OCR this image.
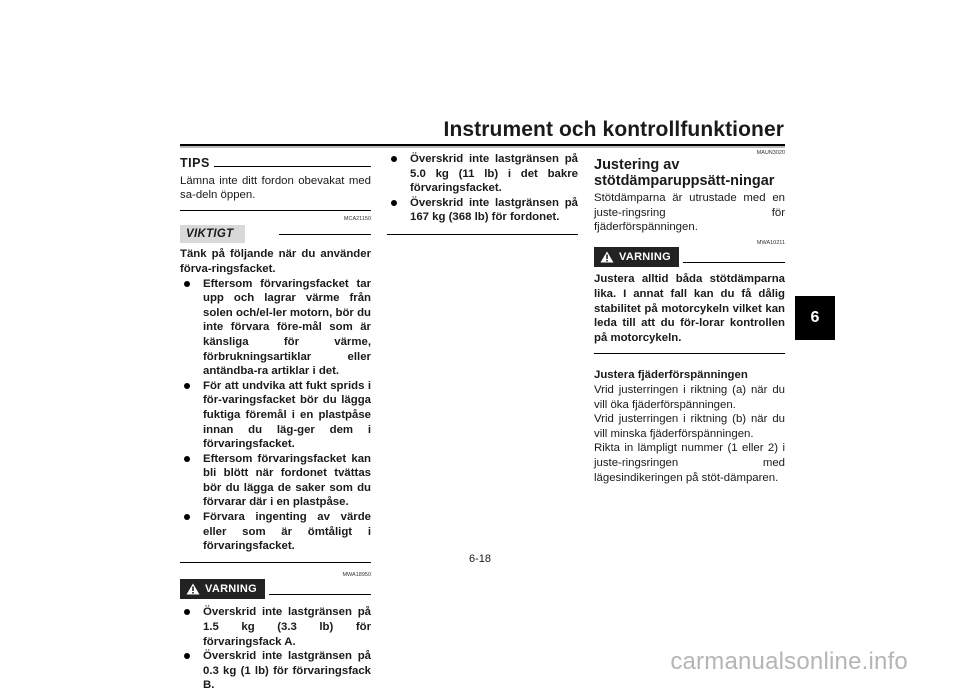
Instrument och kontrollfunktioner
6
TIPS

Lämna inte ditt fordon obevakat med sa-deln öppen.

MCA21150
VIKTIGT

Tänk på följande när du använder förva-ringsfacket.

Eftersom förvaringsfacket tar upp och lagrar värme från solen och/el-ler motorn, bör du inte förvara före-mål som är känsliga för värme, förbrukningsartiklar eller antändba-ra artiklar i det.
För att undvika att fukt sprids i för-varingsfacket bör du lägga fuktiga föremål i en plastpåse innan du läg-ger dem i förvaringsfacket.
Eftersom förvaringsfacket kan bli blött när fordonet tvättas bör du lägga de saker som du förvarar där i en plastpåse.
Förvara ingenting av värde eller som är ömtåligt i förvaringsfacket.
MWA18950
VARNING
Överskrid inte lastgränsen på 1.5 kg (3.3 lb) för förvaringsfack A.
Överskrid inte lastgränsen på 0.3 kg (1 lb) för förvaringsfack B.
Överskrid inte lastgränsen på 5.0 kg (11 lb) i det bakre förvaringsfacket.
Överskrid inte lastgränsen på 167 kg (368 lb) för fordonet.
MAUN3020
Justering av stötdämparuppsätt-ningar

Stötdämparna är utrustade med en juste-ringsring för fjäderförspänningen.

MWA10211
VARNING

Justera alltid båda stötdämparna lika. I annat fall kan du få dålig stabilitet på motorcykeln vilket kan leda till att du för-lorar kontrollen på motorcykeln.

Justera fjäderförspänningen

Vrid justerringen i riktning (a) när du vill öka fjäderförspänningen.

Vrid justerringen i riktning (b) när du vill minska fjäderförspänningen.

Rikta in lämpligt nummer (1 eller 2) i juste-ringsringen med lägesindikeringen på stöt-dämparen.

6-18
carmanualsonline.info
